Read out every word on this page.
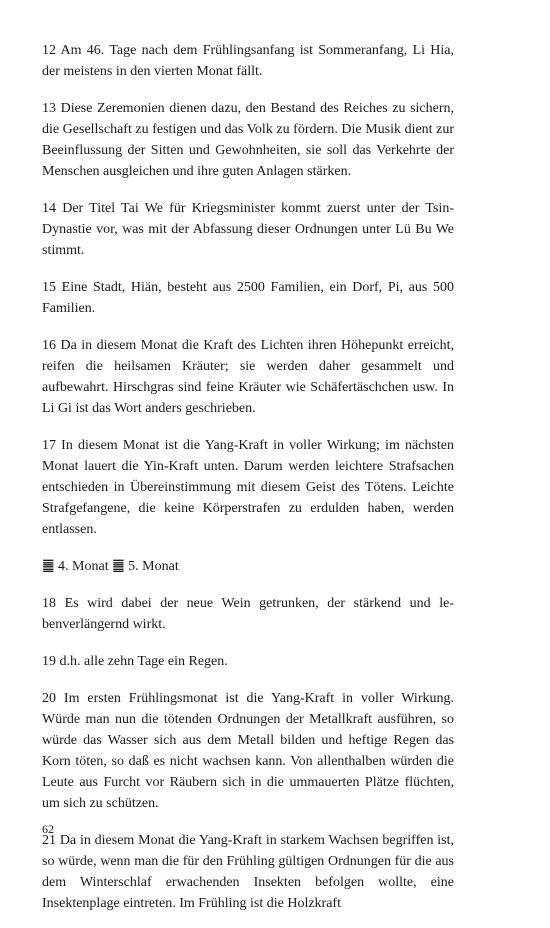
12 Am 46. Tage nach dem Frühlingsanfang ist Sommeranfang, Li Hia, der meistens in den vierten Monat fällt.

13 Diese Zeremonien dienen dazu, den Bestand des Reiches zu sichern, die Gesellschaft zu festigen und das Volk zu fördern. Die Musik dient zur Beeinflussung der Sitten und Gewohnheiten, sie soll das Verkehrte der Menschen ausgleichen und ihre guten Anlagen stärken.

14 Der Titel Tai We für Kriegsminister kommt zuerst unter der Tsin-Dynastie vor, was mit der Abfassung dieser Ordnungen unter Lü Bu We stimmt.

15 Eine Stadt, Hiän, besteht aus 2500 Familien, ein Dorf, Pi, aus 500 Familien.

16 Da in diesem Monat die Kraft des Lichten ihren Höhepunkt erreicht, reifen die heilsamen Kräuter; sie werden daher gesammelt und aufbewahrt. Hirschgras sind feine Kräuter wie Schäfertäschchen usw. In Li Gi ist das Wort anders geschrieben.

17 In diesem Monat ist die Yang-Kraft in voller Wirkung; im nächsten Monat lauert die Yin-Kraft unten. Darum werden leichtere Strafsachen entschieden in Übereinstimmung mit diesem Geist des Tötens. Leichte Strafgefangene, die keine Körperstrafen zu erdulden haben, werden entlassen.

䷀ 4. Monat ䷀ 5. Monat

18 Es wird dabei der neue Wein getrunken, der stärkend und lebenverlängernd wirkt.

19 d.h. alle zehn Tage ein Regen.

20 Im ersten Frühlingsmonat ist die Yang-Kraft in voller Wirkung. Würde man nun die tötenden Ordnungen der Metallkraft ausführen, so würde das Wasser sich aus dem Metall bilden und heftige Regen das Korn töten, so daß es nicht wachsen kann. Von allenthalben würden die Leute aus Furcht vor Räubern sich in die ummauerten Plätze flüchten, um sich zu schützen.

21 Da in diesem Monat die Yang-Kraft in starkem Wachsen begriffen ist, so würde, wenn man die für den Frühling gültigen Ordnungen für die aus dem Winterschlaf erwachenden Insekten befolgen wollte, eine Insektenplage eintreten. Im Frühling ist die Holzkraft

62
